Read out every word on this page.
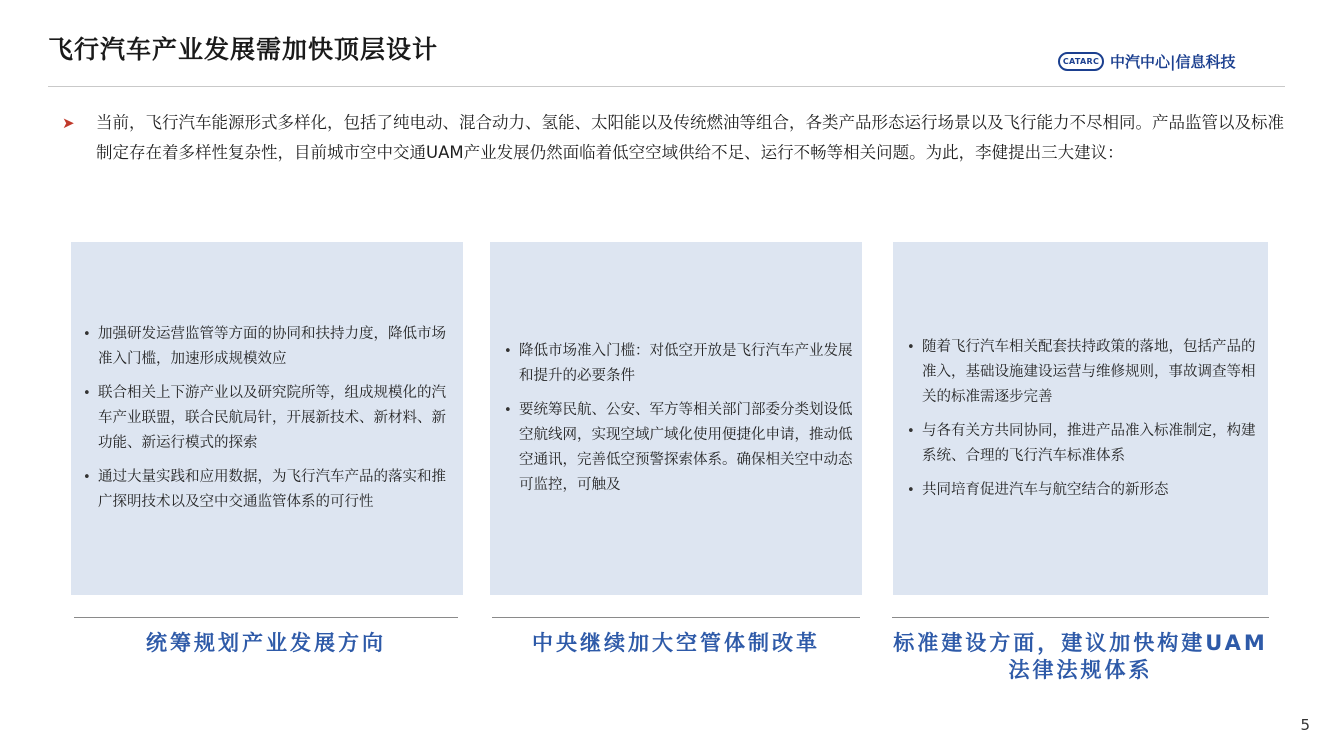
飞行汽车产业发展需加快顶层设计	CATARC 中汽中心|信息科技
➤	当前，飞行汽车能源形式多样化，包括了纯电动、混合动力、氢能、太阳能以及传统燃油等组合，各类产品形态运行场景以及飞行能力不尽相同。产品监管以及标准制定存在着多样性复杂性，目前城市空中交通UAM产业发展仍然面临着低空空域供给不足、运行不畅等相关问题。为此，李健提出三大建议：
• 加强研发运营监管等方面的协同和扶持力度，降低市场准入门槛，加速形成规模效应
• 联合相关上下游产业以及研究院所等，组成规模化的汽车产业联盟，联合民航局针，开展新技术、新材料、新功能、新运行模式的探索
• 通过大量实践和应用数据，为飞行汽车产品的落实和推广探明技术以及空中交通监管体系的可行性
• 降低市场准入门槛：对低空开放是飞行汽车产业发展和提升的必要条件
• 要统筹民航、公安、军方等相关部门部委分类划设低空航线网，实现空域广域化使用便捷化申请，推动低空通讯，完善低空预警探索体系。确保相关空中动态可监控，可触及
• 随着飞行汽车相关配套扶持政策的落地，包括产品的准入，基础设施建设运营与维修规则，事故调查等相关的标准需逐步完善
• 与各有关方共同协同，推进产品准入标准制定，构建系统、合理的飞行汽车标准体系
• 共同培育促进汽车与航空结合的新形态
统筹规划产业发展方向	中央继续加大空管体制改革	标准建设方面，建议加快构建UAM法律法规体系
5
